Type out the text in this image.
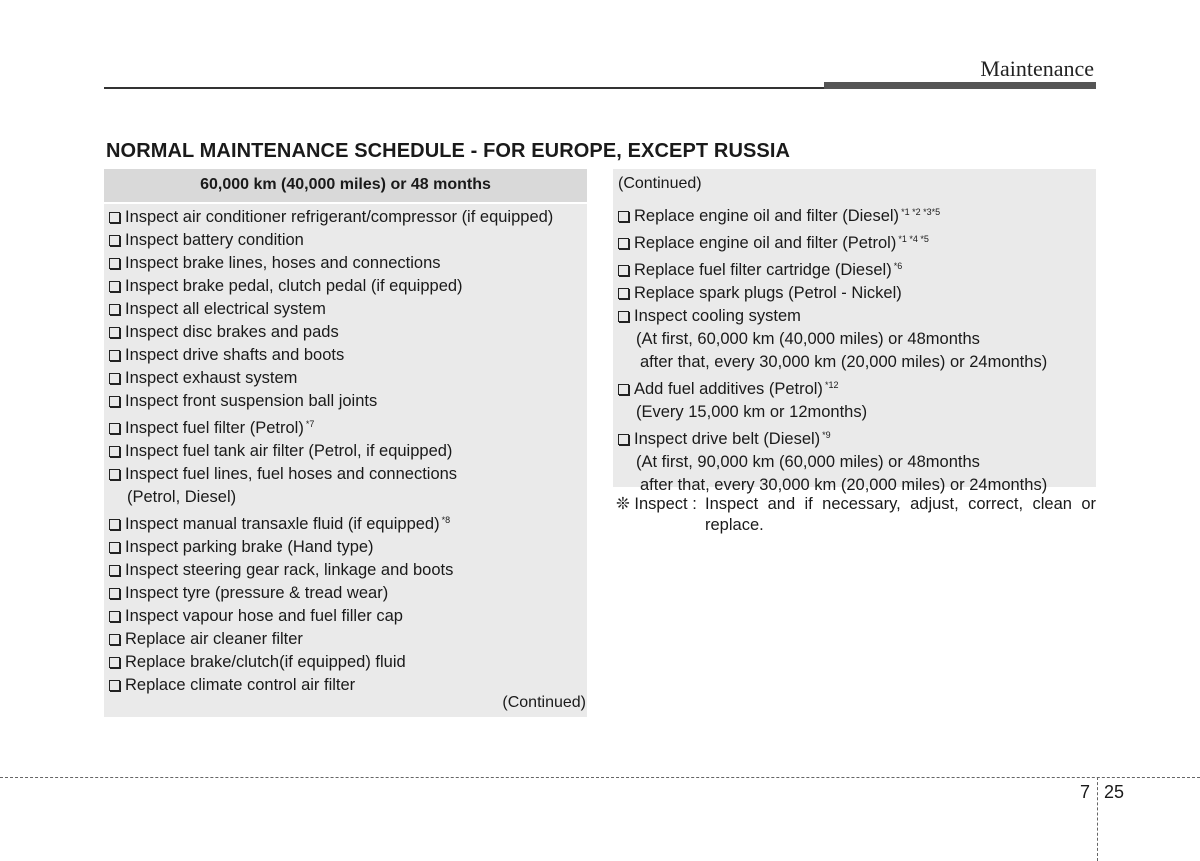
Maintenance
NORMAL MAINTENANCE SCHEDULE - FOR EUROPE, EXCEPT RUSSIA
60,000 km (40,000 miles) or 48 months
Inspect air conditioner refrigerant/compressor (if equipped)
Inspect battery condition
Inspect brake lines, hoses and connections
Inspect brake pedal, clutch pedal (if equipped)
Inspect all electrical system
Inspect disc brakes and pads
Inspect drive shafts and boots
Inspect exhaust system
Inspect front suspension ball joints
Inspect fuel filter (Petrol) $^{*7}$
Inspect fuel tank air filter (Petrol, if equipped)
Inspect fuel lines, fuel hoses and connections
(Petrol, Diesel)
Inspect manual transaxle fluid (if equipped) $^{*8}$
Inspect parking brake (Hand type)
Inspect steering gear rack, linkage and boots
Inspect tyre (pressure & tread wear)
Inspect vapour hose and fuel filler cap
Replace air cleaner filter
Replace brake/clutch(if equipped) fluid
Replace climate control air filter
(Continued)
(Continued)
Replace engine oil and filter (Diesel) $^{*1 *2 *3*5}$
Replace engine oil and filter (Petrol) $^{*1 *4 *5}$
Replace fuel filter cartridge (Diesel) $^{*6}$
Replace spark plugs (Petrol - Nickel)
Inspect cooling system
(At first, 60,000 km (40,000 miles) or 48months
after that, every 30,000 km (20,000 miles) or 24months)
Add fuel additives (Petrol) $^{*12}$
(Every 15,000 km or 12months)
Inspect drive belt (Diesel) $^{*9}$
(At first, 90,000 km (60,000 miles) or 48months
after that, every 30,000 km (20,000 miles) or 24months)
❊ Inspect : Inspect and if necessary, adjust, correct, clean or replace.
7 25
